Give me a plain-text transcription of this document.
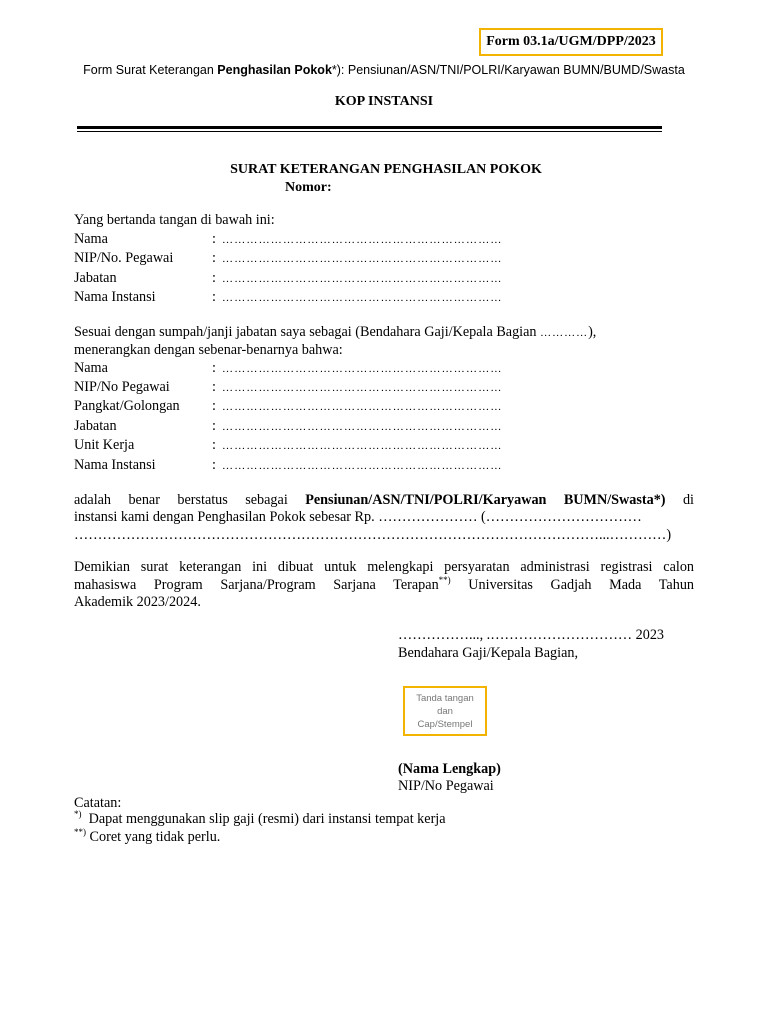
Form 03.1a/UGM/DPP/2023
Form Surat Keterangan Penghasilan Pokok*): Pensiunan/ASN/TNI/POLRI/Karyawan BUMN/BUMD/Swasta
KOP INSTANSI
SURAT KETERANGAN PENGHASILAN POKOK
Nomor:
Yang bertanda tangan di bawah ini:
Nama	: ……………………………………………………………
NIP/No. Pegawai	: ……………………………………………………………
Jabatan	: ……………………………………………………………
Nama Instansi	: ……………………………………………………………
Sesuai dengan sumpah/janji jabatan saya sebagai (Bendahara Gaji/Kepala Bagian …………),
menerangkan dengan sebenar-benarnya bahwa:
Nama	: ……………………………………………………………
NIP/No Pegawai	: ……………………………………………………………
Pangkat/Golongan : ……………………………………………………………
Jabatan	: ……………………………………………………………
Unit Kerja	: ……………………………………………………………
Nama Instansi	: ……………………………………………………………
adalah benar berstatus sebagai Pensiunan/ASN/TNI/POLRI/Karyawan BUMN/Swasta*) di
instansi kami dengan Penghasilan Pokok sebesar Rp. ………………… (……………………………
…………………………………………………………………………………………………...…………)
Demikian surat keterangan ini dibuat untuk melengkapi persyaratan administrasi registrasi calon
mahasiswa Program Sarjana/Program Sarjana Terapan**) Universitas Gadjah Mada Tahun
Akademik 2023/2024.
……………..., .………………………… 2023
Bendahara Gaji/Kepala Bagian,
Tanda tangan
dan
Cap/Stempel
(Nama Lengkap)
NIP/No Pegawai
Catatan:
*) Dapat menggunakan slip gaji (resmi) dari instansi tempat kerja
**) Coret yang tidak perlu.
